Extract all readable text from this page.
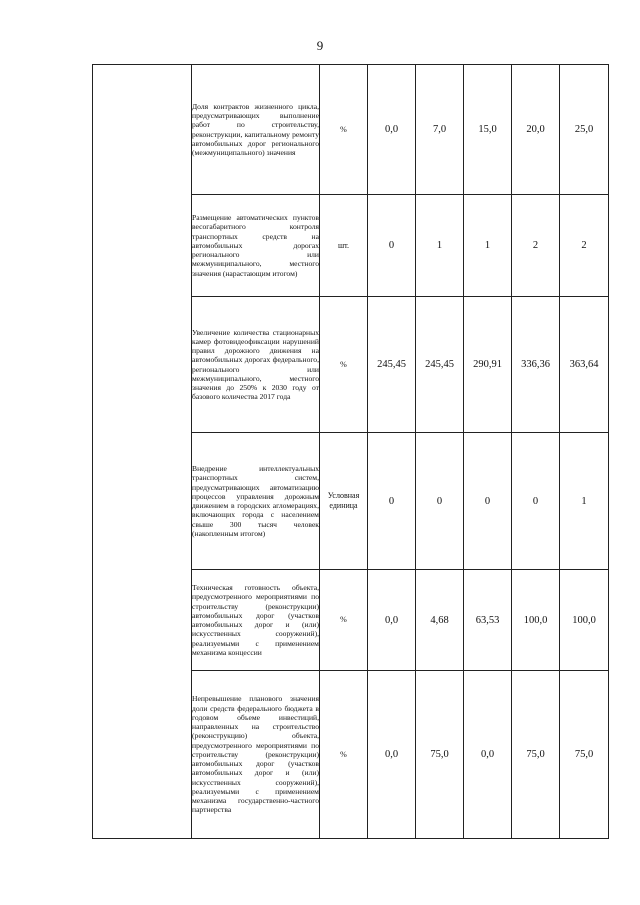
9
	Доля контрактов жизненного цикла, предусматривающих выполнение работ по строительству, реконструкции, капитальному ремонту автомобильных дорог регионального (межмуниципального) значения	%	0,0	7,0	15,0	20,0	25,0
	Размещение автоматических пунктов весогабаритного контроля транспортных средств на автомобильных дорогах регионального или межмуниципального, местного значения (нарастающим итогом)	шт.	0	1	1	2	2
	Увеличение количества стационарных камер фотовидеофиксации нарушений правил дорожного движения на автомобильных дорогах федерального, регионального или межмуниципального, местного значения до 250% к 2030 году от базового количества 2017 года	%	245,45	245,45	290,91	336,36	363,64
	Внедрение интеллектуальных транспортных систем, предусматривающих автоматизацию процессов управления дорожным движением в городских агломерациях, включающих города с населением свыше 300 тысяч человек (накопленным итогом)	Условная единица	0	0	0	0	1
	Техническая готовность объекта, предусмотренного мероприятиями по строительству (реконструкции) автомобильных дорог (участков автомобильных дорог и (или) искусственных сооружений), реализуемыми с применением механизма концессии	%	0,0	4,68	63,53	100,0	100,0
	Непревышение планового значения доли средств федерального бюджета в годовом объеме инвестиций, направленных на строительство (реконструкцию) объекта, предусмотренного мероприятиями по строительству (реконструкции) автомобильных дорог (участков автомобильных дорог и (или) искусственных сооружений), реализуемыми с применением механизма государственно-частного партнерства	%	0,0	75,0	0,0	75,0	75,0
